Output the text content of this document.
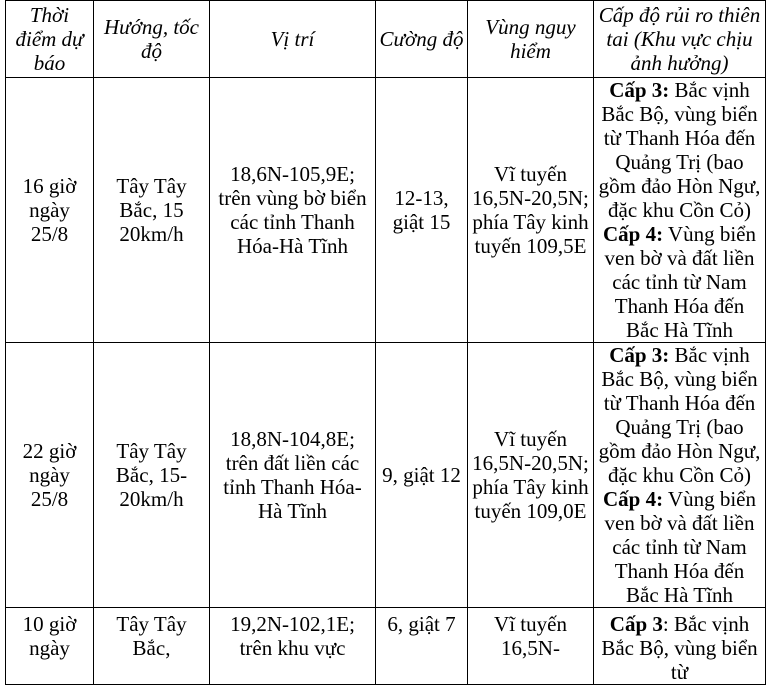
Thời điểm dự báo	Hướng, tốc độ	Vị trí	Cường độ	Vùng nguy hiểm	Cấp độ rủi ro thiên tai (Khu vực chịu ảnh hưởng)
16 giờ ngày 25/8	Tây Tây Bắc, 15 20km/h	18,6N-105,9E; trên vùng bờ biển các tỉnh Thanh Hóa-Hà Tĩnh	12-13, giật 15	Vĩ tuyến 16,5N-20,5N; phía Tây kinh tuyến 109,5E	Cấp 3: Bắc vịnh Bắc Bộ, vùng biển từ Thanh Hóa đến Quảng Trị (bao gồm đảo Hòn Ngư, đặc khu Cồn Cỏ)
Cấp 4: Vùng biển ven bờ và đất liền các tỉnh từ Nam Thanh Hóa đến Bắc Hà Tĩnh

22 giờ ngày 25/8	Tây Tây Bắc, 15-20km/h	18,8N-104,8E; trên đất liền các tỉnh Thanh Hóa-Hà Tĩnh	9, giật 12	Vĩ tuyến 16,5N-20,5N; phía Tây kinh tuyến 109,0E	Cấp 3: Bắc vịnh Bắc Bộ, vùng biển từ Thanh Hóa đến Quảng Trị (bao gồm đảo Hòn Ngư, đặc khu Cồn Cỏ)
Cấp 4: Vùng biển ven bờ và đất liền các tỉnh từ Nam Thanh Hóa đến Bắc Hà Tĩnh

10 giờ ngày	Tây Tây Bắc,	19,2N-102,1E; trên khu vực	6, giật 7	Vĩ tuyến 16,5N-	Cấp 3: Bắc vịnh Bắc Bộ, vùng biển từ
